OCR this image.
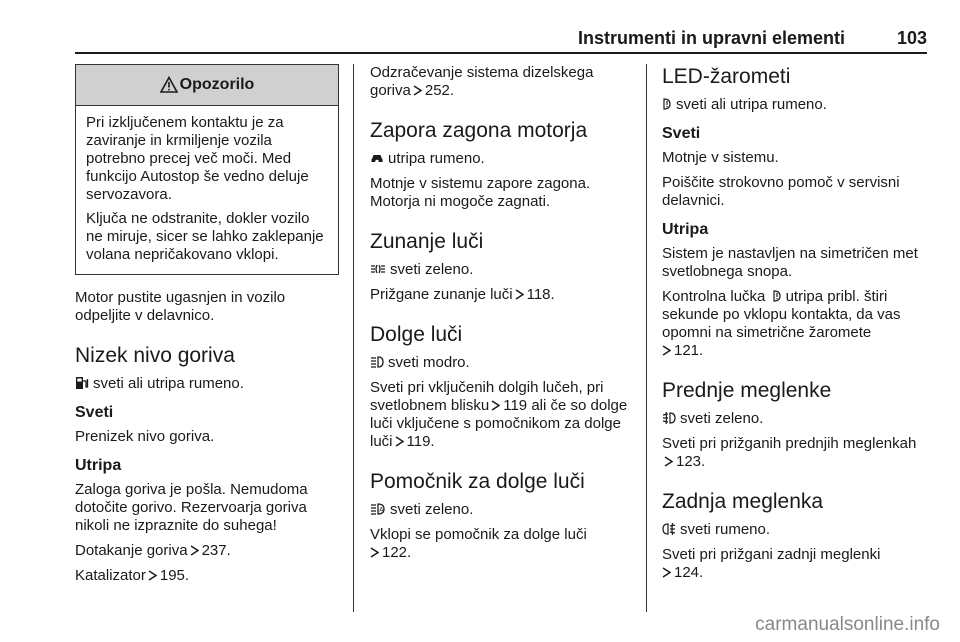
Instrumenti in upravni elementi	103
Opozorilo

Pri izključenem kontaktu je za zaviranje in krmiljenje vozila potrebno precej več moči. Med funkcijo Autostop še vedno deluje servozavora.

Ključa ne odstranite, dokler vozilo ne miruje, sicer se lahko zaklepanje volana nepričakovano vklopi.

Motor pustite ugasnjen in vozilo odpeljite v delavnico.

Nizek nivo goriva

sveti ali utripa rumeno.

Sveti

Prenizek nivo goriva.

Utripa

Zaloga goriva je pošla. Nemudoma dotočite gorivo. Rezervoarja goriva nikoli ne izpraznite do suhega!

Dotakanje goriva 237.

Katalizator 195.

Odzračevanje sistema dizelskega goriva 252.

Zapora zagona motorja

utripa rumeno.

Motnje v sistemu zapore zagona. Motorja ni mogoče zagnati.

Zunanje luči

sveti zeleno.

Prižgane zunanje luči 118.

Dolge luči

sveti modro.

Sveti pri vključenih dolgih lučeh, pri svetlobnem blisku 119 ali če so dolge luči vključene s pomočnikom za dolge luči 119.

Pomočnik za dolge luči

A sveti zeleno.

Vklopi se pomočnik za dolge luči
122.

LED-žarometi

sveti ali utripa rumeno.

Sveti

Motnje v sistemu.

Poiščite strokovno pomoč v servisni delavnici.

Utripa

Sistem je nastavljen na simetričen met svetlobnega snopa.

Kontrolna lučka utripa pribl. štiri sekunde po vklopu kontakta, da vas opomni na simetrične žaromete
121.

Prednje meglenke

sveti zeleno.

Sveti pri prižganih prednjih meglenkah123.

Zadnja meglenka

sveti rumeno.

Sveti pri prižgani zadnji meglenki
124.

carmanualsonline.info
